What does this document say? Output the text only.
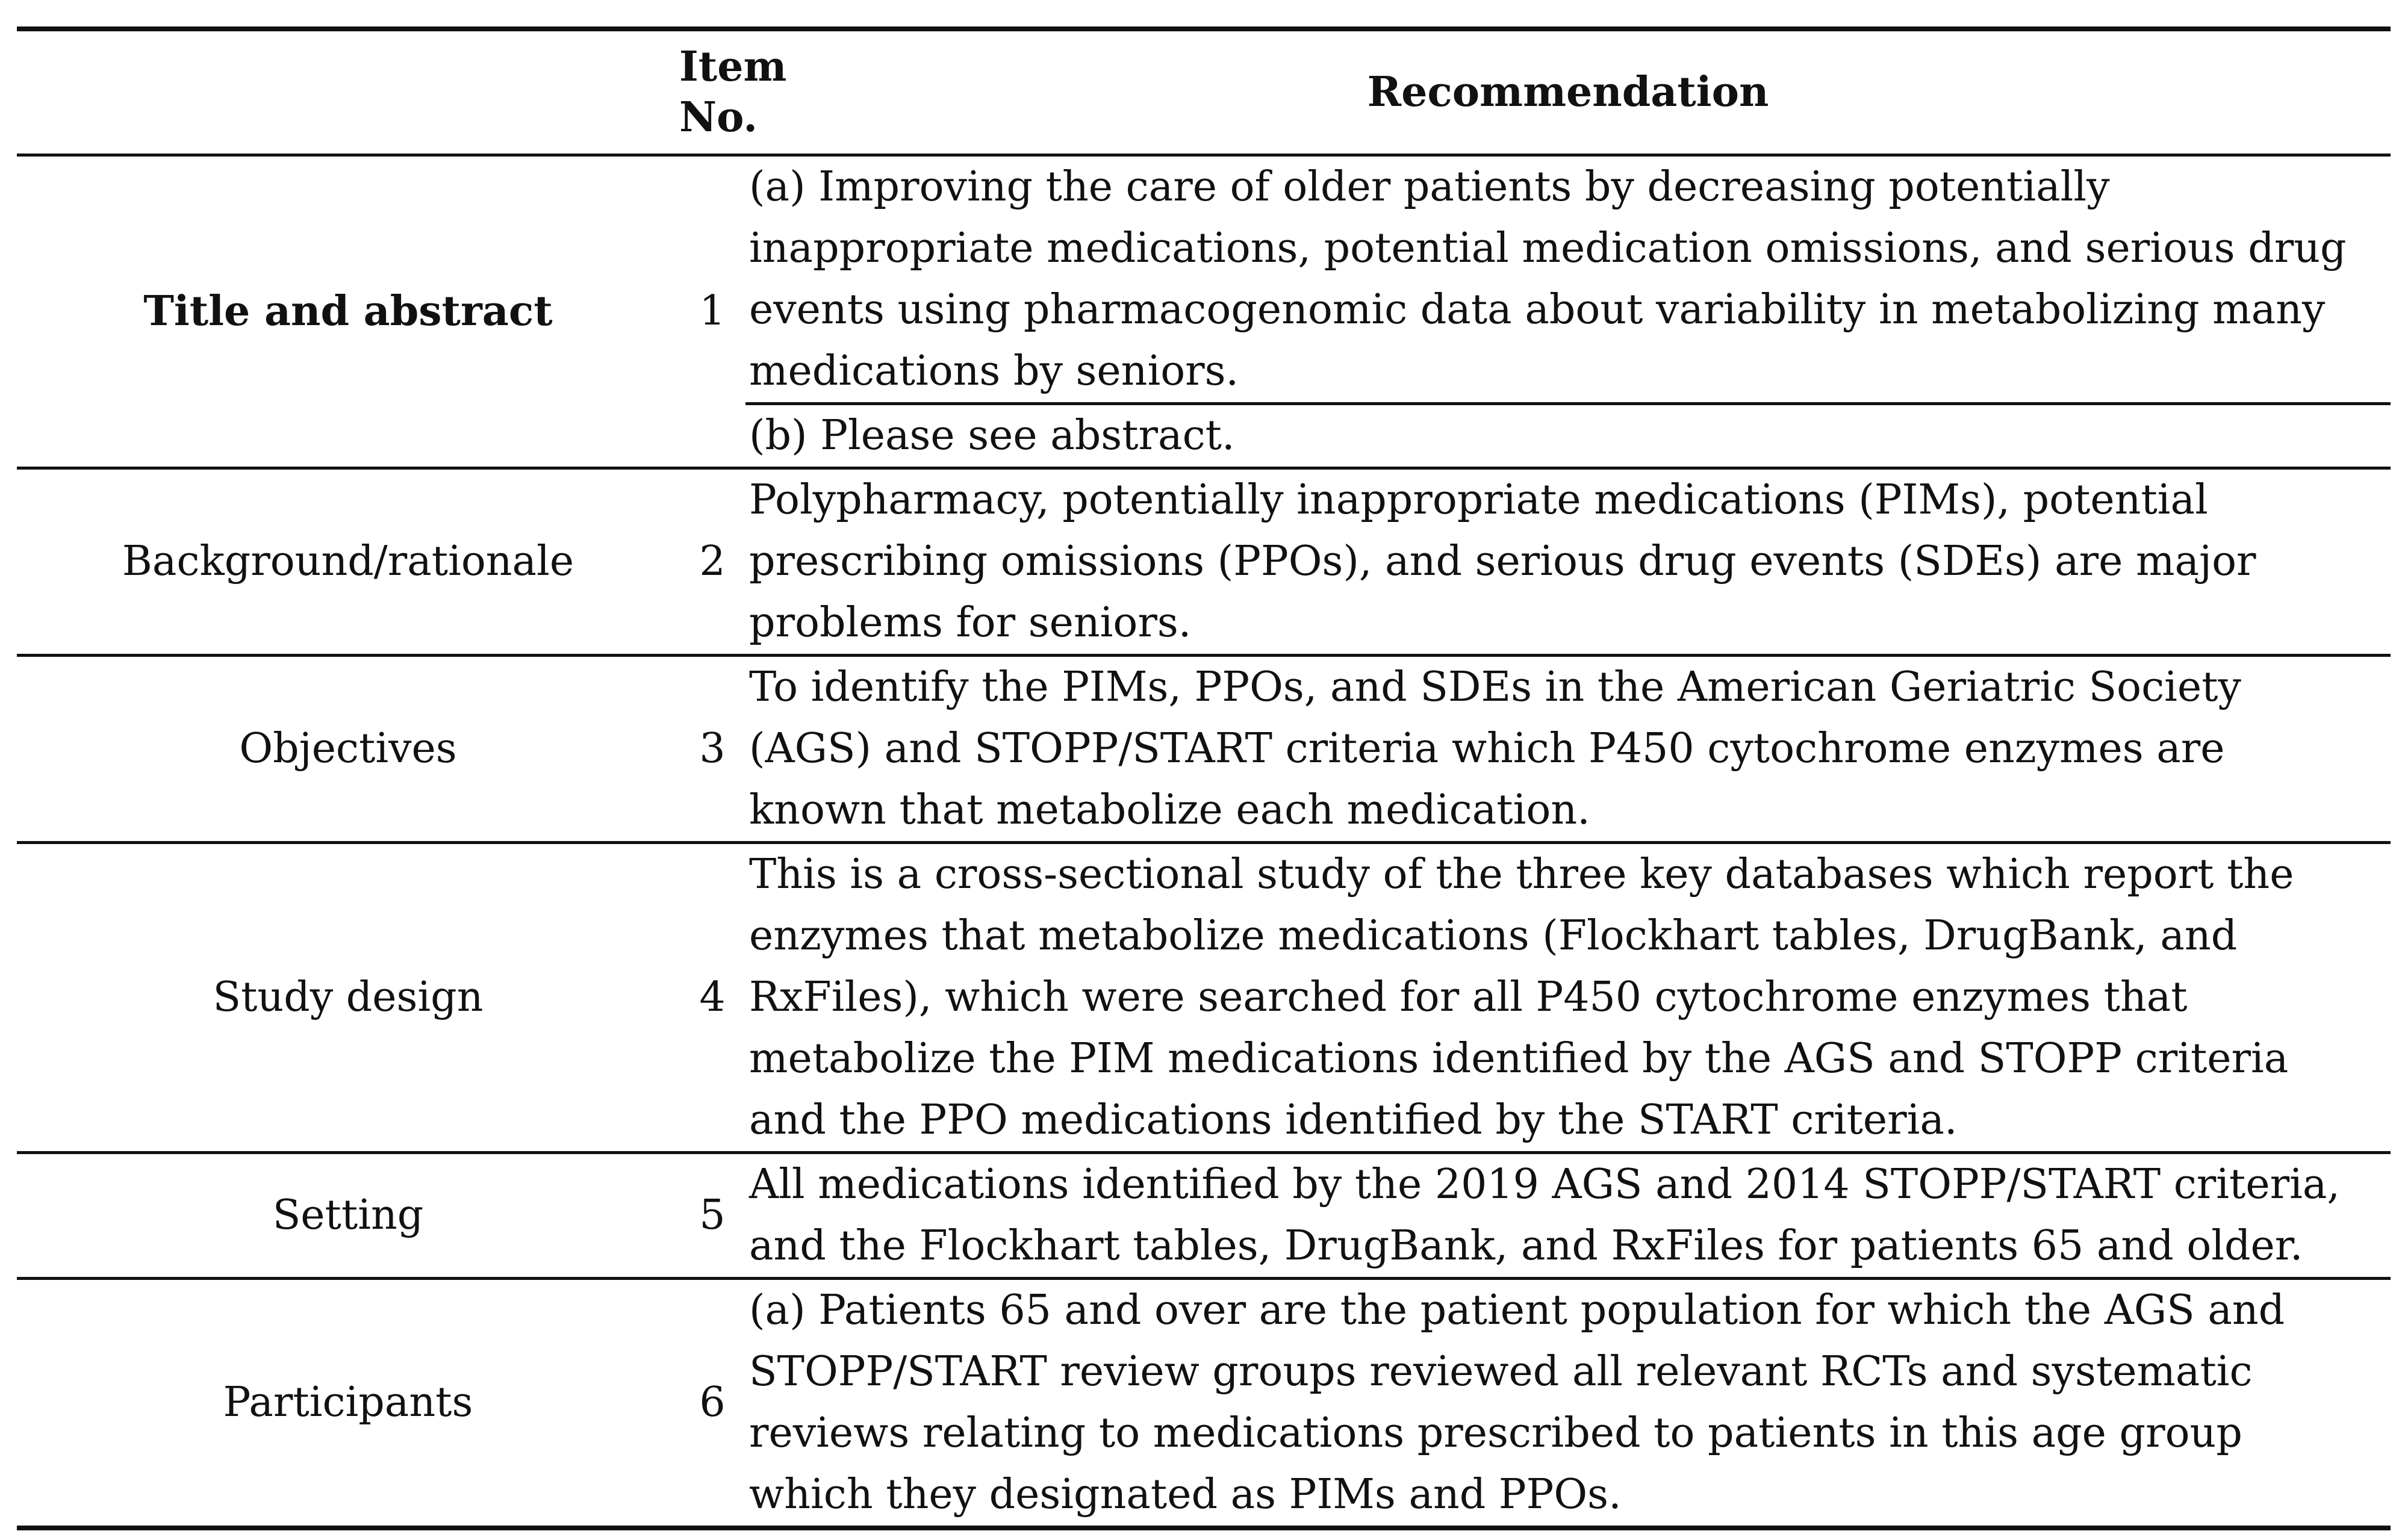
	Item
No.	Recommendation
Title and abstract	1	(a) Improving the care of older patients by decreasing potentially inappropriate medications, potential medication omissions, and serious drug events using pharmacogenomic data about variability in metabolizing many medications by seniors.
		(b) Please see abstract.
Background/rationale	2	Polypharmacy, potentially inappropriate medications (PIMs), potential prescribing omissions (PPOs), and serious drug events (SDEs) are major problems for seniors.
Objectives	3	To identify the PIMs, PPOs, and SDEs in the American Geriatric Society (AGS) and STOPP/START criteria which P450 cytochrome enzymes are known that metabolize each medication.
Study design	4	This is a cross-sectional study of the three key databases which report the enzymes that metabolize medications (Flockhart tables, DrugBank, and RxFiles), which were searched for all P450 cytochrome enzymes that metabolize the PIM medications identified by the AGS and STOPP criteria and the PPO medications identified by the START criteria.
Setting	5	All medications identified by the 2019 AGS and 2014 STOPP/START criteria, and the Flockhart tables, DrugBank, and RxFiles for patients 65 and older.
Participants	6	(a) Patients 65 and over are the patient population for which the AGS and STOPP/START review groups reviewed all relevant RCTs and systematic reviews relating to medications prescribed to patients in this age group which they designated as PIMs and PPOs.
